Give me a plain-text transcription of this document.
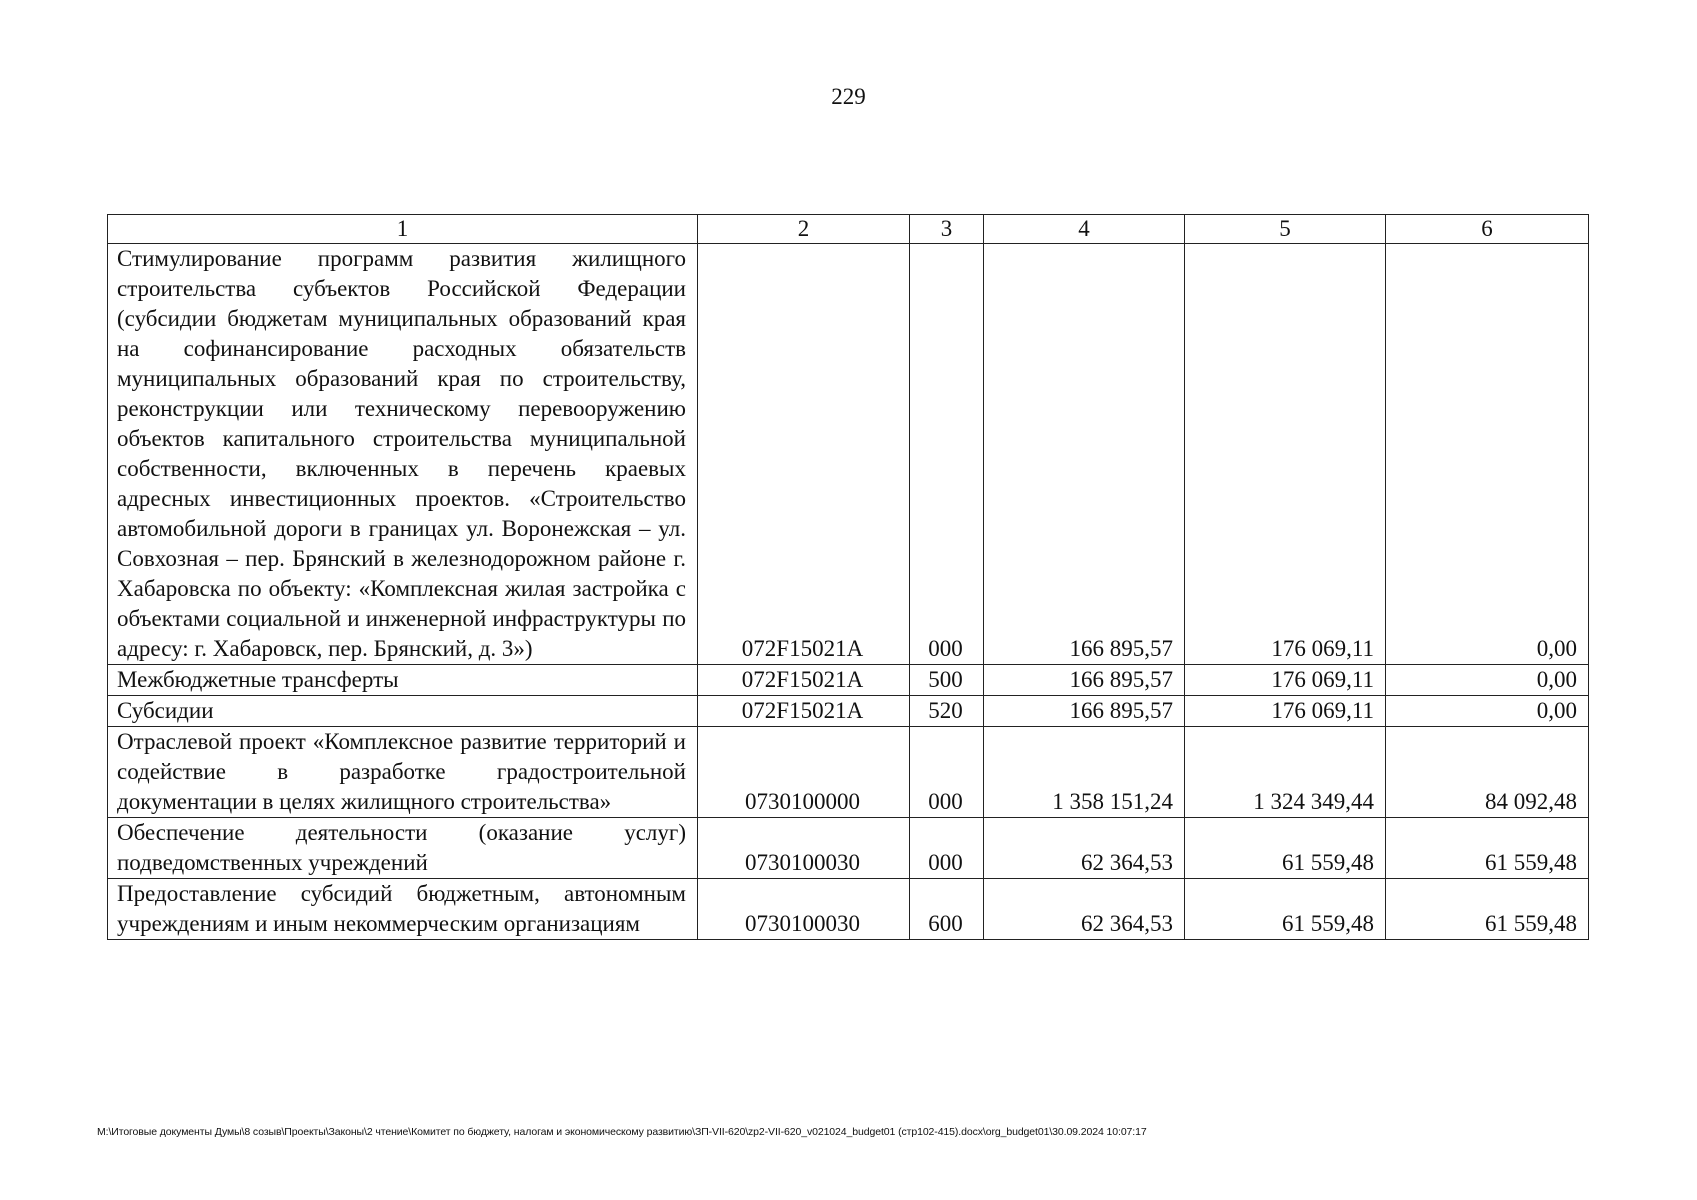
229
1	2	3	4	5	6
Стимулирование программ развития жилищного строительства субъектов Российской Федерации (субсидии бюджетам муниципальных образований края на софинансирование расходных обязательств муниципальных образований края по строительству, реконструкции или техническому перевооружению объектов капитального строительства муниципальной собственности, включенных в перечень краевых адресных инвестиционных проектов. «Строительство автомобильной дороги в границах ул. Воронежская – ул. Совхозная – пер. Брянский в железнодорожном районе г. Хабаровска по объекту: «Комплексная жилая застройка с объектами социальной и инженерной инфраструктуры по адресу: г. Хабаровск, пер. Брянский, д. 3»)	072F15021А	000	166 895,57	176 069,11	0,00
Межбюджетные трансферты	072F15021А	500	166 895,57	176 069,11	0,00
Субсидии	072F15021А	520	166 895,57	176 069,11	0,00
Отраслевой проект «Комплексное развитие территорий и содействие в разработке градостроительной документации в целях жилищного строительства»	0730100000	000	1 358 151,24	1 324 349,44	84 092,48
Обеспечение деятельности (оказание услуг) подведомственных учреждений	0730100030	000	62 364,53	61 559,48	61 559,48
Предоставление субсидий бюджетным, автономным учреждениям и иным некоммерческим организациям	0730100030	600	62 364,53	61 559,48	61 559,48
M:\Итоговые документы Думы\8 созыв\Проекты\Законы\2 чтение\Комитет по бюджету, налогам и экономическому развитию\ЗП-VII-620\zp2-VII-620_v021024_budget01 (стр102-415).docx\org_budget01\30.09.2024 10:07:17
